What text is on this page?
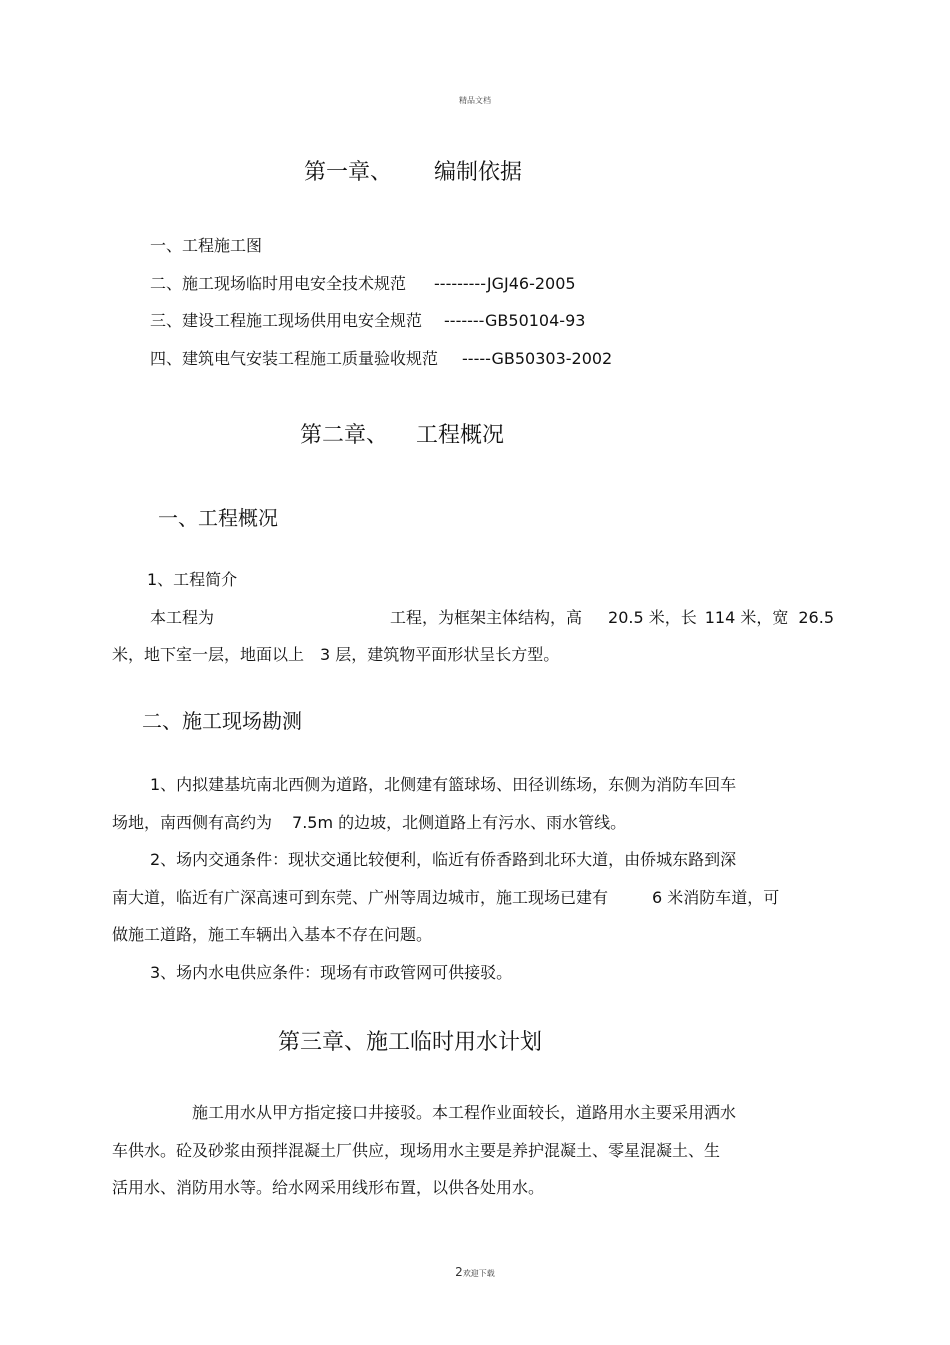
精品文档
第一章、 编制依据
一、工程施工图
二、施工现场临时用电安全技术规范 ---------JGJ46-2005
三、建设工程施工现场供用电安全规范 -------GB50104-93
四、建筑电气安装工程施工质量验收规范 -----GB50303-2002
第二章、 工程概况
一、工程概况
1、工程简介
本工程为	工程，为框架主体结构，高 20.5 米，长 114 米，宽 26.5
米，地下室一层，地面以上 3 层，建筑物平面形状呈长方型。
二、施工现场勘测
1、内拟建基坑南北西侧为道路，北侧建有篮球场、田径训练场，东侧为消防车回车
场地，南西侧有高约为 7.5m 的边坡，北侧道路上有污水、雨水管线。
2、场内交通条件：现状交通比较便利，临近有侨香路到北环大道，由侨城东路到深
南大道，临近有广深高速可到东莞、广州等周边城市，施工现场已建有	6 米消防车道，可
做施工道路，施工车辆出入基本不存在问题。
3、场内水电供应条件：现场有市政管网可供接驳。
第三章、施工临时用水计划
施工用水从甲方指定接口井接驳。本工程作业面较长，道路用水主要采用洒水
车供水。砼及砂浆由预拌混凝土厂供应，现场用水主要是养护混凝土、零星混凝土、生
活用水、消防用水等。给水网采用线形布置，以供各处用水。
2欢迎下载
